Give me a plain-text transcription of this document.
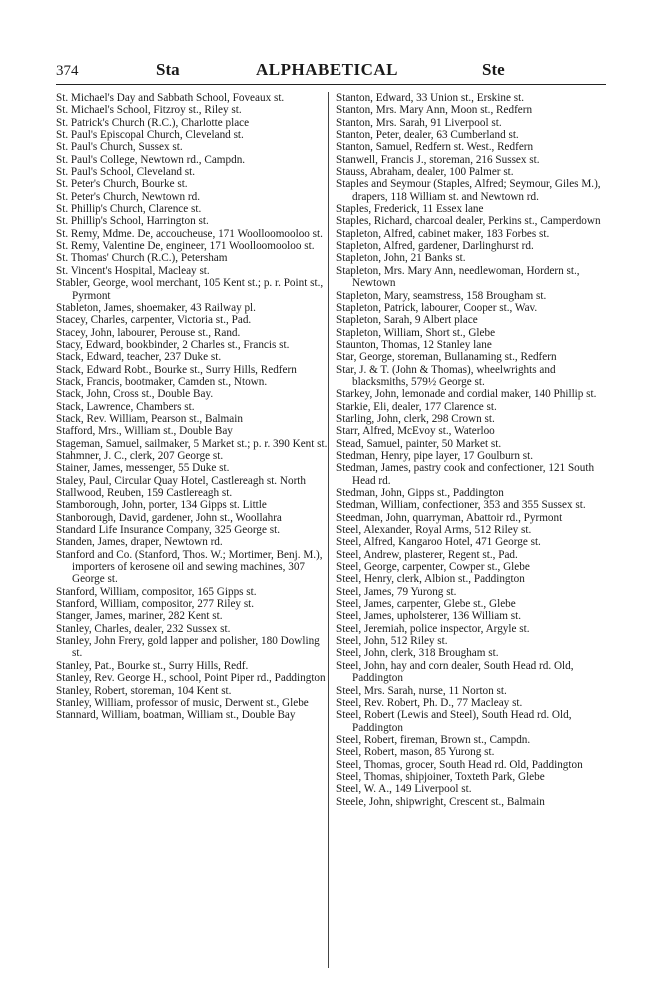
374	Sta	ALPHABETICAL	Ste

St. Michael's Day and Sabbath School, Foveaux st.

St. Michael's School, Fitzroy st., Riley st.

St. Patrick's Church (R.C.), Charlotte place

St. Paul's Episcopal Church, Cleveland st.

St. Paul's Church, Sussex st.

St. Paul's College, Newtown rd., Campdn.

St. Paul's School, Cleveland st.

St. Peter's Church, Bourke st.

St. Peter's Church, Newtown rd.

St. Phillip's Church, Clarence st.

St. Phillip's School, Harrington st.

St. Remy, Mdme. De, accoucheuse, 171 Woolloomooloo st.

St. Remy, Valentine De, engineer, 171 Woolloomooloo st.

St. Thomas' Church (R.C.), Petersham

St. Vincent's Hospital, Macleay st.

Stabler, George, wool merchant, 105 Kent st.; p. r. Point st., Pyrmont

Stableton, James, shoemaker, 43 Railway pl.

Stacey, Charles, carpenter, Victoria st., Pad.

Stacey, John, labourer, Perouse st., Rand.

Stacy, Edward, bookbinder, 2 Charles st., Francis st.

Stack, Edward, teacher, 237 Duke st.

Stack, Edward Robt., Bourke st., Surry Hills, Redfern

Stack, Francis, bootmaker, Camden st., Ntown.

Stack, John, Cross st., Double Bay.

Stack, Lawrence, Chambers st.

Stack, Rev. William, Pearson st., Balmain

Stafford, Mrs., William st., Double Bay

Stageman, Samuel, sailmaker, 5 Market st.; p. r. 390 Kent st.

Stahmner, J. C., clerk, 207 George st.

Stainer, James, messenger, 55 Duke st.

Staley, Paul, Circular Quay Hotel, Castlereagh st. North

Stallwood, Reuben, 159 Castlereagh st.

Stamborough, John, porter, 134 Gipps st. Little

Stanborough, David, gardener, John st., Woollahra

Standard Life Insurance Company, 325 George st.

Standen, James, draper, Newtown rd.

Stanford and Co. (Stanford, Thos. W.; Mortimer, Benj. M.), importers of kerosene oil and sewing machines, 307 George st.

Stanford, William, compositor, 165 Gipps st.

Stanford, William, compositor, 277 Riley st.

Stanger, James, mariner, 282 Kent st.

Stanley, Charles, dealer, 232 Sussex st.

Stanley, John Frery, gold lapper and polisher, 180 Dowling st.

Stanley, Pat., Bourke st., Surry Hills, Redf.

Stanley, Rev. George H., school, Point Piper rd., Paddington

Stanley, Robert, storeman, 104 Kent st.

Stanley, William, professor of music, Derwent st., Glebe

Stannard, William, boatman, William st., Double Bay

Stanton, Edward, 33 Union st., Erskine st.

Stanton, Mrs. Mary Ann, Moon st., Redfern

Stanton, Mrs. Sarah, 91 Liverpool st.

Stanton, Peter, dealer, 63 Cumberland st.

Stanton, Samuel, Redfern st. West., Redfern

Stanwell, Francis J., storeman, 216 Sussex st.

Stauss, Abraham, dealer, 100 Palmer st.

Staples and Seymour (Staples, Alfred; Seymour, Giles M.), drapers, 118 William st. and Newtown rd.

Staples, Frederick, 11 Essex lane

Staples, Richard, charcoal dealer, Perkins st., Camperdown

Stapleton, Alfred, cabinet maker, 183 Forbes st.

Stapleton, Alfred, gardener, Darlinghurst rd.

Stapleton, John, 21 Banks st.

Stapleton, Mrs. Mary Ann, needlewoman, Hordern st., Newtown

Stapleton, Mary, seamstress, 158 Brougham st.

Stapleton, Patrick, labourer, Cooper st., Wav.

Stapleton, Sarah, 9 Albert place

Stapleton, William, Short st., Glebe

Staunton, Thomas, 12 Stanley lane

Star, George, storeman, Bullanaming st., Redfern

Star, J. & T. (John & Thomas), wheelwrights and blacksmiths, 579½ George st.

Starkey, John, lemonade and cordial maker, 140 Phillip st.

Starkie, Eli, dealer, 177 Clarence st.

Starling, John, clerk, 298 Crown st.

Starr, Alfred, McEvoy st., Waterloo

Stead, Samuel, painter, 50 Market st.

Stedman, Henry, pipe layer, 17 Goulburn st.

Stedman, James, pastry cook and confectioner, 121 South Head rd.

Stedman, John, Gipps st., Paddington

Stedman, William, confectioner, 353 and 355 Sussex st.

Steedman, John, quarryman, Abattoir rd., Pyrmont

Steel, Alexander, Royal Arms, 512 Riley st.

Steel, Alfred, Kangaroo Hotel, 471 George st.

Steel, Andrew, plasterer, Regent st., Pad.

Steel, George, carpenter, Cowper st., Glebe

Steel, Henry, clerk, Albion st., Paddington

Steel, James, 79 Yurong st.

Steel, James, carpenter, Glebe st., Glebe

Steel, James, upholsterer, 136 William st.

Steel, Jeremiah, police inspector, Argyle st.

Steel, John, 512 Riley st.

Steel, John, clerk, 318 Brougham st.

Steel, John, hay and corn dealer, South Head rd. Old, Paddington

Steel, Mrs. Sarah, nurse, 11 Norton st.

Steel, Rev. Robert, Ph. D., 77 Macleay st.

Steel, Robert (Lewis and Steel), South Head rd. Old, Paddington

Steel, Robert, fireman, Brown st., Campdn.

Steel, Robert, mason, 85 Yurong st.

Steel, Thomas, grocer, South Head rd. Old, Paddington

Steel, Thomas, shipjoiner, Toxteth Park, Glebe

Steel, W. A., 149 Liverpool st.

Steele, John, shipwright, Crescent st., Balmain
